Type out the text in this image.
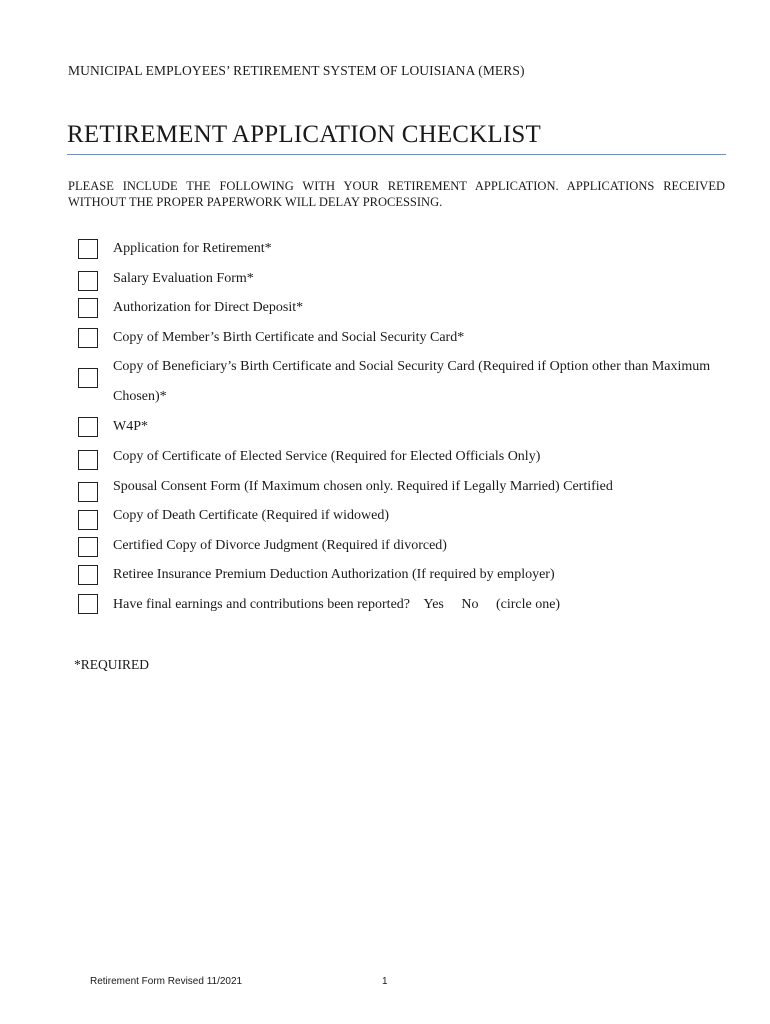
MUNICIPAL EMPLOYEES’ RETIREMENT SYSTEM OF LOUISIANA (MERS)
RETIREMENT APPLICATION CHECKLIST
PLEASE INCLUDE THE FOLLOWING WITH YOUR RETIREMENT APPLICATION. APPLICATIONS RECEIVED WITHOUT THE PROPER PAPERWORK WILL DELAY PROCESSING.
Application for Retirement*
Salary Evaluation Form*
Authorization for Direct Deposit*
Copy of Member’s Birth Certificate and Social Security Card*
Copy of Beneficiary’s Birth Certificate and Social Security Card (Required if Option other than Maximum Chosen)*
W4P*
Copy of Certificate of Elected Service (Required for Elected Officials Only)
Spousal Consent Form (If Maximum chosen only. Required if Legally Married) Certified
Copy of Death Certificate (Required if widowed)
Certified Copy of Divorce Judgment (Required if divorced)
Retiree Insurance Premium Deduction Authorization (If required by employer)
Have final earnings and contributions been reported?    Yes     No     (circle one)
*REQUIRED
Retirement Form Revised 11/2021	1
